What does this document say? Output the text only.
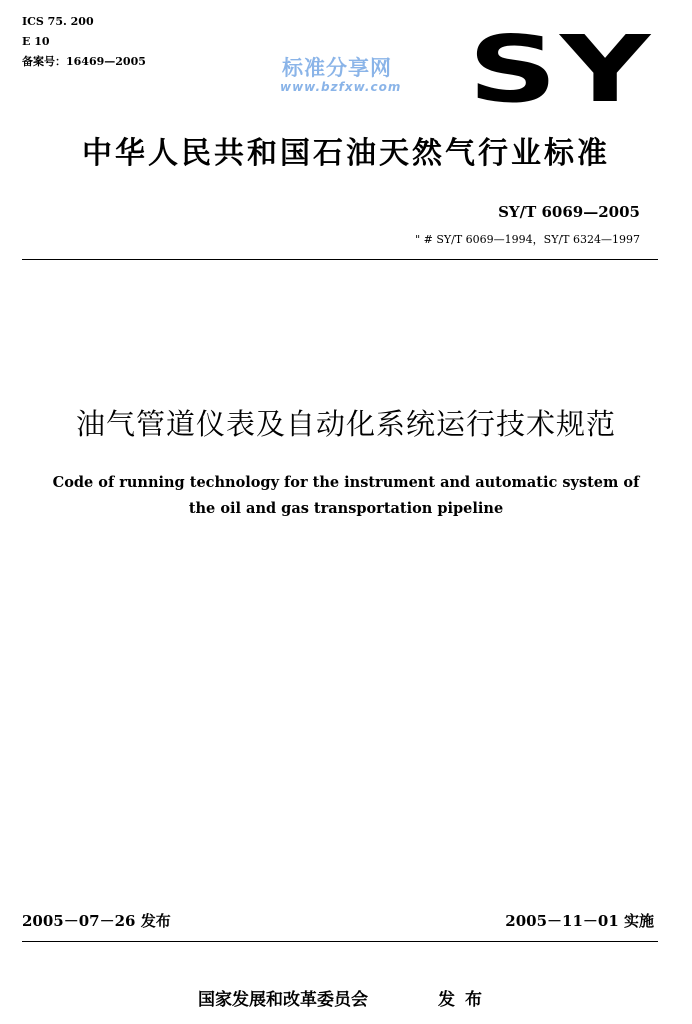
ICS 75. 200
E 10
备案号：16469—2005	标准分享网
www.bzfxw.com SY
中华人民共和国石油天然气行业标准
SY/T 6069—2005
" # SY/T 6069—1994，SY/T 6324—1997
油气管道仪表及自动化系统运行技术规范
Code of running technology for the instrument and automatic system of
the oil and gas transportation pipeline
2005－07－26 发布	2005－11－01 实施
国家发展和改革委员会	发布
